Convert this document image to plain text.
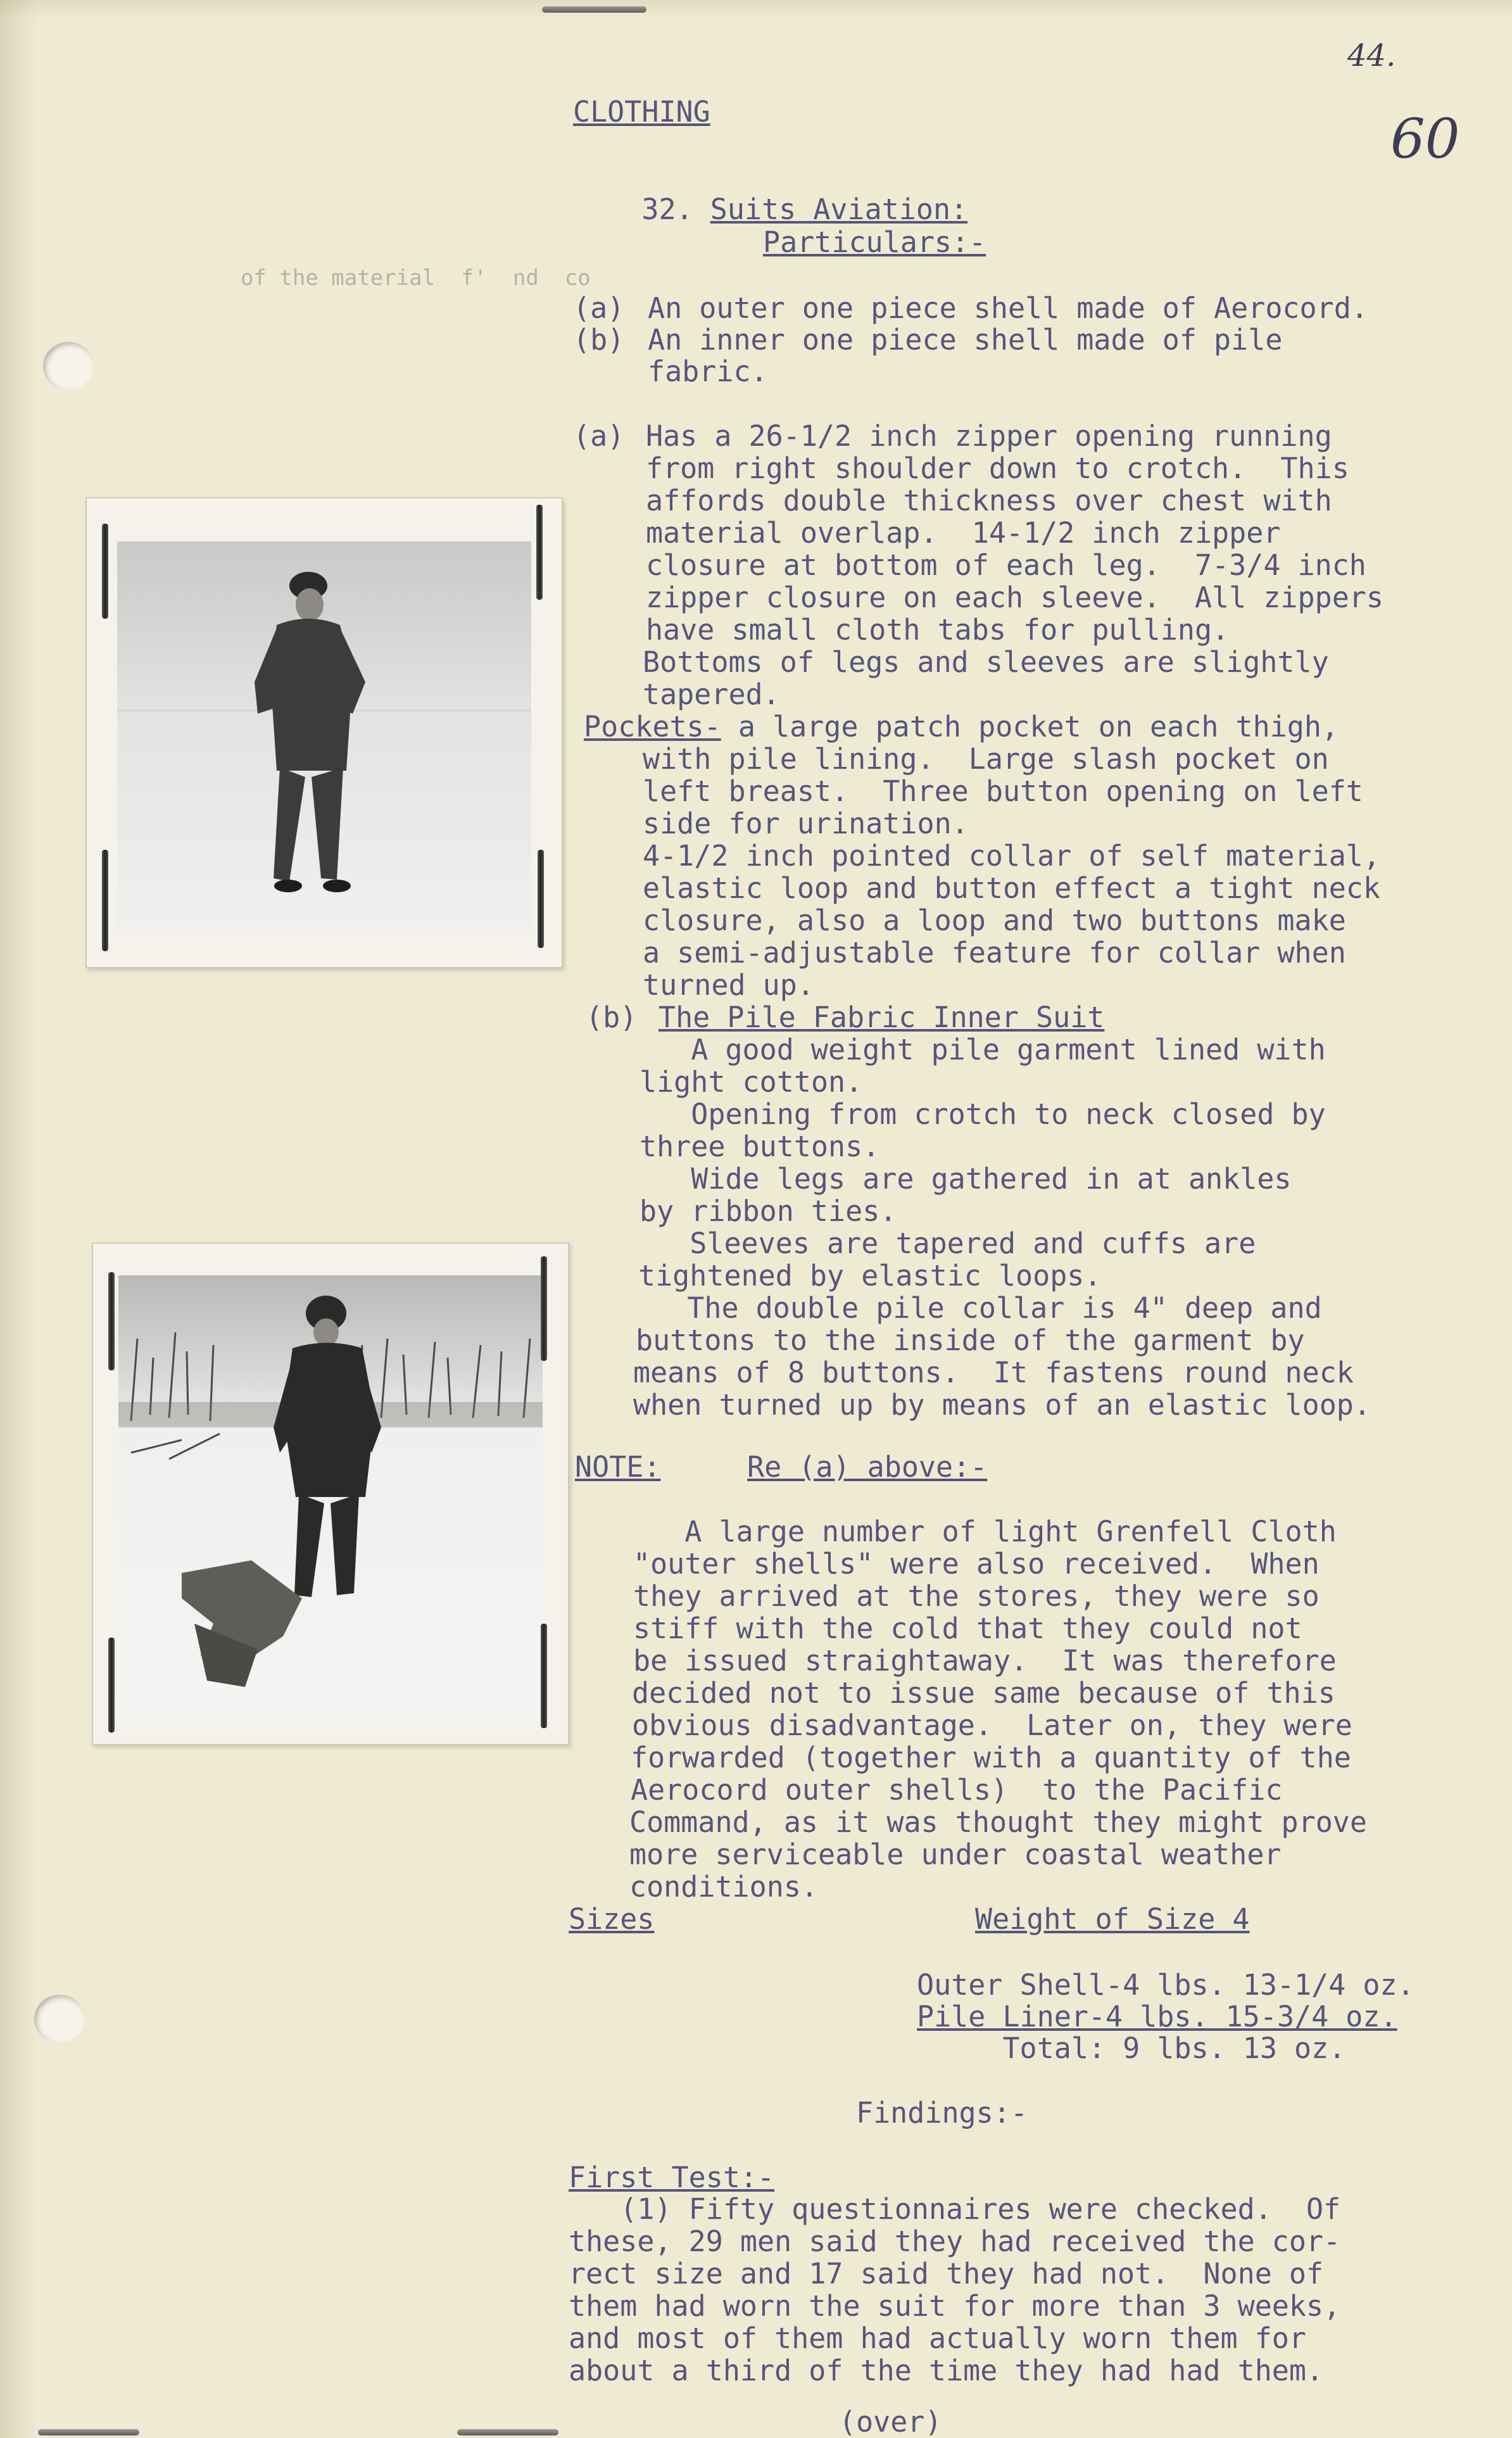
44.
60
CLOTHING

32. Suits Aviation:

Particulars:-
of the material  f'  nd  co
(a) An outer one piece shell made of Aerocord.
(b) An inner one piece shell made of pile
fabric.
(a) Has a 26-1/2 inch zipper opening running
from right shoulder down to crotch.  This
affords double thickness over chest with
material overlap.  14-1/2 inch zipper
closure at bottom of each leg.  7-3/4 inch
zipper closure on each sleeve.  All zippers
have small cloth tabs for pulling.
Bottoms of legs and sleeves are slightly
tapered.
Pockets- a large patch pocket on each thigh,
with pile lining.  Large slash pocket on
left breast.  Three button opening on left
side for urination.
4-1/2 inch pointed collar of self material,
elastic loop and button effect a tight neck
closure, also a loop and two buttons make
a semi-adjustable feature for collar when
turned up.
(b) The Pile Fabric Inner Suit
A good weight pile garment lined with
light cotton.
Opening from crotch to neck closed by
three buttons.
Wide legs are gathered in at ankles
by ribbon ties.
Sleeves are tapered and cuffs are
tightened by elastic loops.
The double pile collar is 4" deep and
buttons to the inside of the garment by
means of 8 buttons.  It fastens round neck
when turned up by means of an elastic loop.
NOTE:	Re (a) above:-
A large number of light Grenfell Cloth
"outer shells" were also received.  When
they arrived at the stores, they were so
stiff with the cold that they could not
be issued straightaway.  It was therefore
decided not to issue same because of this
obvious disadvantage.  Later on, they were
forwarded (together with a quantity of the
Aerocord outer shells)  to the Pacific
Command, as it was thought they might prove
more serviceable under coastal weather
conditions.
Sizes	Weight of Size 4
Outer Shell-4 lbs. 13-1/4 oz.
Pile Liner-4 lbs. 15-3/4 oz.
Total: 9 lbs. 13 oz.
Findings:-
First Test:-
(1) Fifty questionnaires were checked.  Of
these, 29 men said they had received the cor-
rect size and 17 said they had not.  None of
them had worn the suit for more than 3 weeks,
and most of them had actually worn them for
about a third of the time they had had them.
(over)
